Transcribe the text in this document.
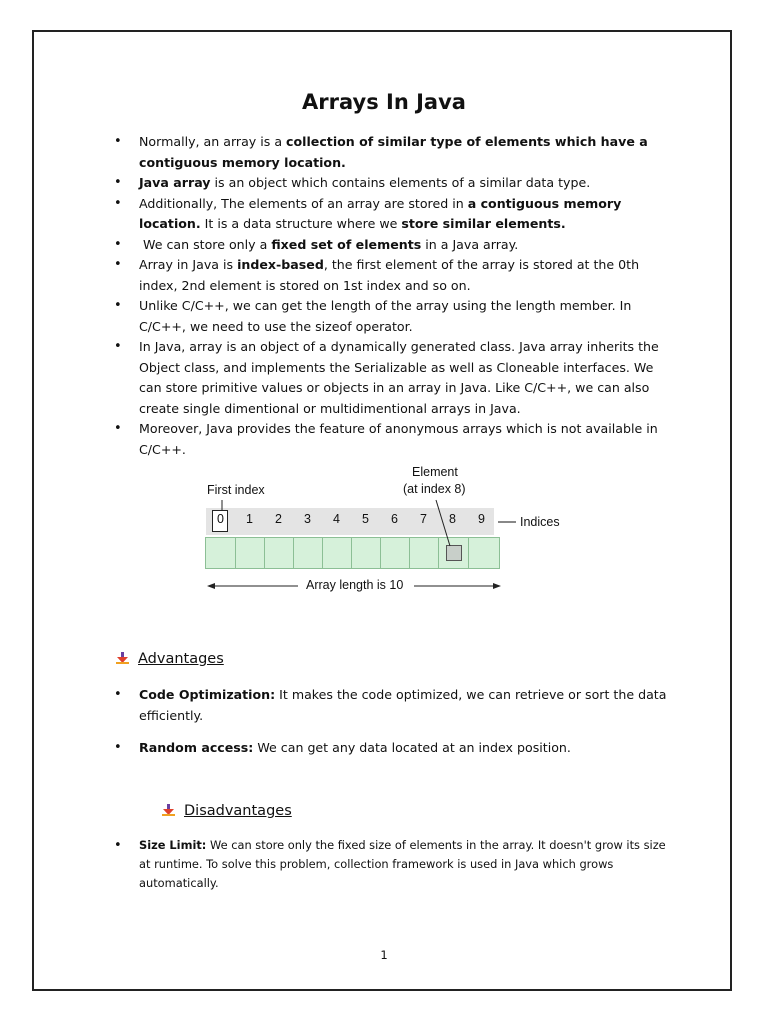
Arrays In Java
• Normally, an array is a collection of similar type of elements which have a contiguous memory location.
• Java array is an object which contains elements of a similar data type.
• Additionally, The elements of an array are stored in a contiguous memory location. It is a data structure where we store similar elements.
•  We can store only a fixed set of elements in a Java array.
• Array in Java is index-based, the first element of the array is stored at the 0th index, 2nd element is stored on 1st index and so on.
• Unlike C/C++, we can get the length of the array using the length member. In C/C++, we need to use the sizeof operator.
• In Java, array is an object of a dynamically generated class. Java array inherits the Object class, and implements the Serializable as well as Cloneable interfaces. We can store primitive values or objects in an array in Java. Like C/C++, we can also create single dimentional or multidimentional arrays in Java.
• Moreover, Java provides the feature of anonymous arrays which is not available in C/C++.
First index
Element
(at index 8)
0	1	2	3	4	5	6	7	8	9	Indices
Array length is 10
Advantages
• Code Optimization: It makes the code optimized, we can retrieve or sort the data efficiently.
• Random access: We can get any data located at an index position.
Disadvantages
• Size Limit: We can store only the fixed size of elements in the array. It doesn't grow its size at runtime. To solve this problem, collection framework is used in Java which grows automatically.
1
